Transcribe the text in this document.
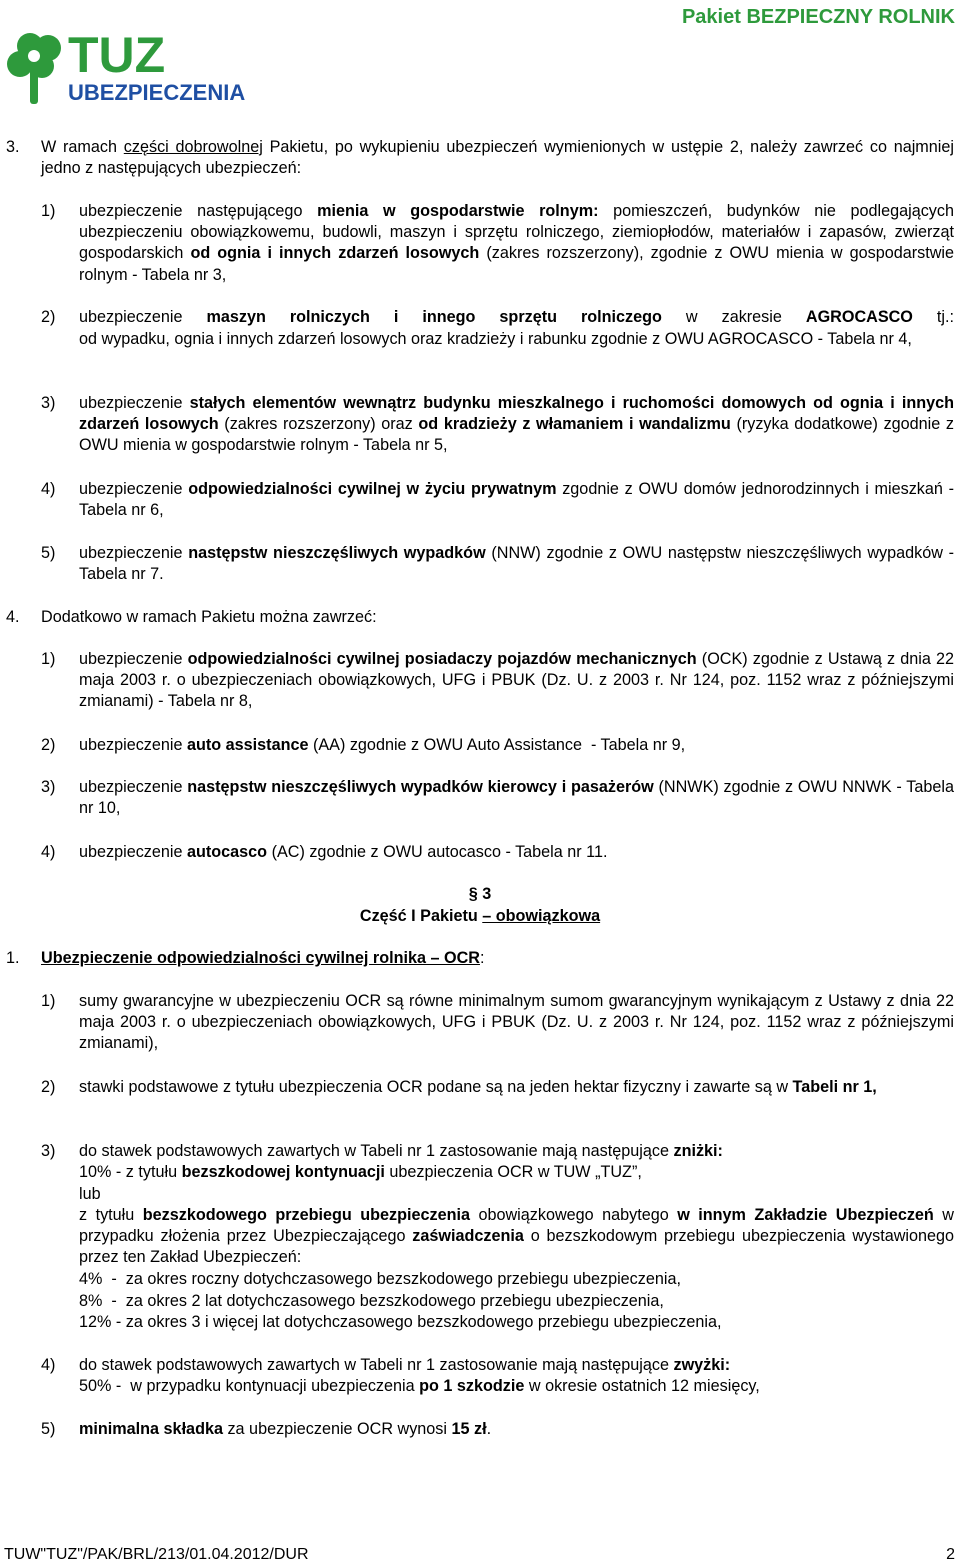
Pakiet BEZPIECZNY ROLNIK
TUZ
UBEZPIECZENIA
3. W ramach części dobrowolnej Pakietu, po wykupieniu ubezpieczeń wymienionych w ustępie 2, należy zawrzeć co najmniej jedno z następujących ubezpieczeń:
1) ubezpieczenie następującego mienia w gospodarstwie rolnym: pomieszczeń, budynków nie podlegających ubezpieczeniu obowiązkowemu, budowli, maszyn i sprzętu rolniczego, ziemiopłodów, materiałów i zapasów, zwierząt gospodarskich od ognia i innych zdarzeń losowych (zakres rozszerzony), zgodnie z OWU mienia w gospodarstwie rolnym - Tabela nr 3,
2) ubezpieczenie maszyn rolniczych i innego sprzętu rolniczego w zakresie AGROCASCO tj.:
od wypadku, ognia i innych zdarzeń losowych oraz kradzieży i rabunku zgodnie z OWU AGROCASCO - Tabela nr 4,
3) ubezpieczenie stałych elementów wewnątrz budynku mieszkalnego i ruchomości domowych od ognia i innych zdarzeń losowych (zakres rozszerzony) oraz od kradzieży z włamaniem i wandalizmu (ryzyka dodatkowe) zgodnie z OWU mienia w gospodarstwie rolnym - Tabela nr 5,
4) ubezpieczenie odpowiedzialności cywilnej w życiu prywatnym zgodnie z OWU domów jednorodzinnych i mieszkań - Tabela nr 6,
5) ubezpieczenie następstw nieszczęśliwych wypadków (NNW) zgodnie z OWU następstw nieszczęśliwych wypadków - Tabela nr 7.
4. Dodatkowo w ramach Pakietu można zawrzeć:
1) ubezpieczenie odpowiedzialności cywilnej posiadaczy pojazdów mechanicznych (OCK) zgodnie z Ustawą z dnia 22 maja 2003 r. o ubezpieczeniach obowiązkowych, UFG i PBUK (Dz. U. z 2003 r. Nr 124, poz. 1152 wraz z późniejszymi zmianami) - Tabela nr 8,
2) ubezpieczenie auto assistance (AA) zgodnie z OWU Auto Assistance  - Tabela nr 9,
3) ubezpieczenie następstw nieszczęśliwych wypadków kierowcy i pasażerów (NNWK) zgodnie z OWU NNWK - Tabela nr 10,
4) ubezpieczenie autocasco (AC) zgodnie z OWU autocasco - Tabela nr 11.
§ 3
Część I Pakietu – obowiązkowa
1. Ubezpieczenie odpowiedzialności cywilnej rolnika – OCR:
1) sumy gwarancyjne w ubezpieczeniu OCR są równe minimalnym sumom gwarancyjnym wynikającym z Ustawy z dnia 22 maja 2003 r. o ubezpieczeniach obowiązkowych, UFG i PBUK (Dz. U. z 2003 r. Nr 124, poz. 1152 wraz z późniejszymi zmianami),
2) stawki podstawowe z tytułu ubezpieczenia OCR podane są na jeden hektar fizyczny i zawarte są w Tabeli nr 1,
3) do stawek podstawowych zawartych w Tabeli nr 1 zastosowanie mają następujące zniżki:
10% - z tytułu bezszkodowej kontynuacji ubezpieczenia OCR w TUW „TUZ”,
lub
z tytułu bezszkodowego przebiegu ubezpieczenia obowiązkowego nabytego w innym Zakładzie Ubezpieczeń w przypadku złożenia przez Ubezpieczającego zaświadczenia o bezszkodowym przebiegu ubezpieczenia wystawionego przez ten Zakład Ubezpieczeń:
4%  -  za okres roczny dotychczasowego bezszkodowego przebiegu ubezpieczenia,
8%  -  za okres 2 lat dotychczasowego bezszkodowego przebiegu ubezpieczenia,
12% - za okres 3 i więcej lat dotychczasowego bezszkodowego przebiegu ubezpieczenia,
4) do stawek podstawowych zawartych w Tabeli nr 1 zastosowanie mają następujące zwyżki:
50% -  w przypadku kontynuacji ubezpieczenia po 1 szkodzie w okresie ostatnich 12 miesięcy,
5) minimalna składka za ubezpieczenie OCR wynosi 15 zł.
TUW"TUZ"/PAK/BRL/213/01.04.2012/DUR	2
